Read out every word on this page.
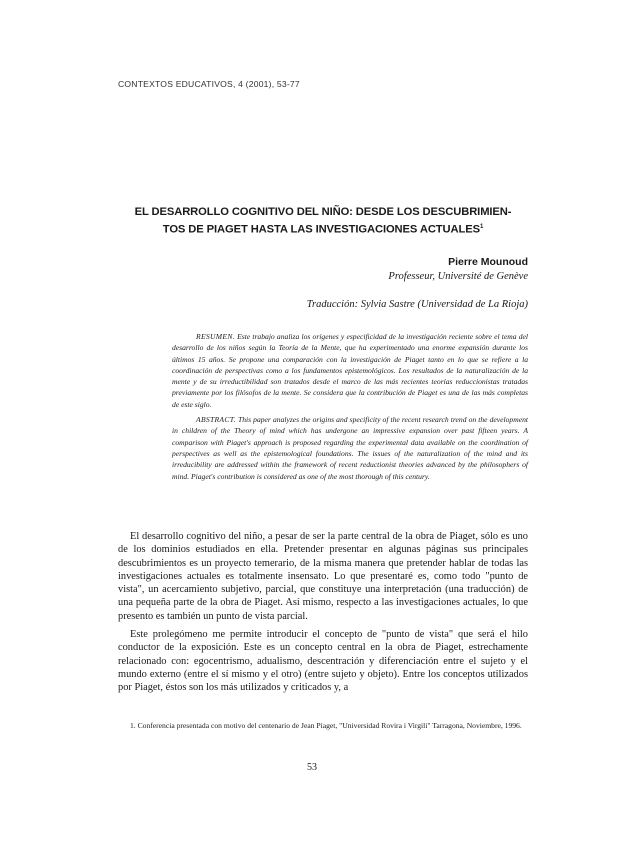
CONTEXTOS EDUCATIVOS, 4 (2001), 53-77
EL DESARROLLO COGNITIVO DEL NIÑO: DESDE LOS DESCUBRIMIEN-
TOS DE PIAGET HASTA LAS INVESTIGACIONES ACTUALES$^1$
Pierre Mounoud
Professeur, Université de Genève
Traducción: Sylvia Sastre (Universidad de La Rioja)

RESUMEN. Este trabajo analiza los orígenes y especificidad de la investigación reciente sobre el tema del desarrollo de los niños según la Teoría de la Mente, que ha experimentado una enorme expansión durante los últimos 15 años. Se propone una comparación con la investigación de Piaget tanto en lo que se refiere a la coordinación de perspectivas como a los fundamentos epistemológicos. Los resultados de la naturalización de la mente y de su irreductibilidad son tratados desde el marco de las más recientes teorías reduccionistas tratadas previamente por los filósofos de la mente. Se considera que la contribución de Piaget es una de las más completas de este siglo.

ABSTRACT. This paper analyzes the origins and specificity of the recent research trend on the development in children of the Theory of mind which has undergone an impressive expansion over past fifteen years. A comparison with Piaget's approach is proposed regarding the experimental data available on the coordination of perspectives as well as the epistemological foundations. The issues of the naturalization of the mind and its irreducibility are addressed within the framework of recent reductionist theories advanced by the philosophers of mind. Piaget's contribution is considered as one of the most thorough of this century.

El desarrollo cognitivo del niño, a pesar de ser la parte central de la obra de Piaget, sólo es uno de los dominios estudiados en ella. Pretender presentar en algunas páginas sus principales descubrimientos es un proyecto temerario, de la misma manera que pretender hablar de todas las investigaciones actuales es totalmente insensato. Lo que presentaré es, como todo "punto de vista", un acercamiento subjetivo, parcial, que constituye una interpretación (una traducción) de una pequeña parte de la obra de Piaget. Así mismo, respecto a las investigaciones actuales, lo que presento es también un punto de vista parcial.

Este prolegómeno me permite introducir el concepto de "punto de vista" que será el hilo conductor de la exposición. Este es un concepto central en la obra de Piaget, estrechamente relacionado con: egocentrismo, adualismo, descentración y diferenciación entre el sujeto y el mundo externo (entre el sí mismo y el otro) (entre sujeto y objeto). Entre los conceptos utilizados por Piaget, éstos son los más utilizados y criticados y, a

1. Conferencia presentada con motivo del centenario de Jean Piaget, "Universidad Rovira i Virgili" Tarragona, Noviembre, 1996.

53
